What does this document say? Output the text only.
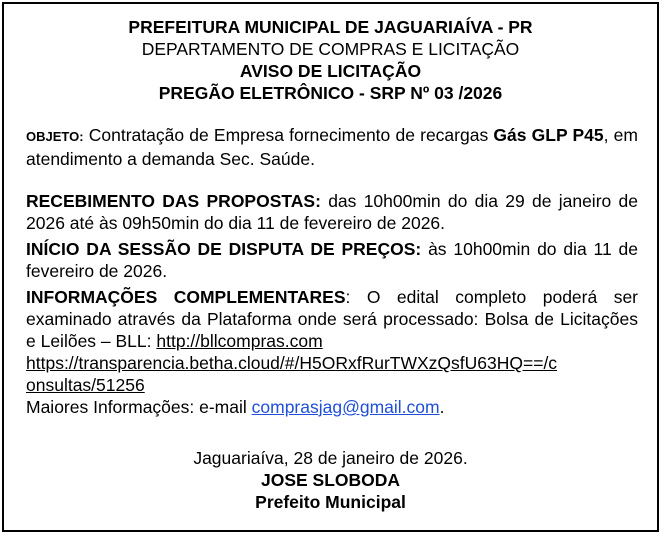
PREFEITURA MUNICIPAL DE JAGUARIAÍVA - PR
DEPARTAMENTO DE COMPRAS E LICITAÇÃO
AVISO DE LICITAÇÃO
PREGÃO ELETRÔNICO - SRP Nº 03 /2026
OBJETO: Contratação de Empresa fornecimento de recargas Gás GLP P45, em atendimento a demanda Sec. Saúde.
RECEBIMENTO DAS PROPOSTAS: das 10h00min do dia 29 de janeiro de 2026 até às 09h50min do dia 11 de fevereiro de 2026.
INÍCIO DA SESSÃO DE DISPUTA DE PREÇOS: às 10h00min do dia 11 de fevereiro de 2026.
INFORMAÇÕES COMPLEMENTARES: O edital completo poderá ser examinado através da Plataforma onde será processado: Bolsa de Licitações e Leilões – BLL: http://bllcompras.com
https://transparencia.betha.cloud/#/H5ORxfRurTWXzQsfU63HQ==/c
onsultas/51256
Maiores Informações: e-mail comprasjag@gmail.com.
Jaguariaíva, 28 de janeiro de 2026.
JOSE SLOBODA
Prefeito Municipal
